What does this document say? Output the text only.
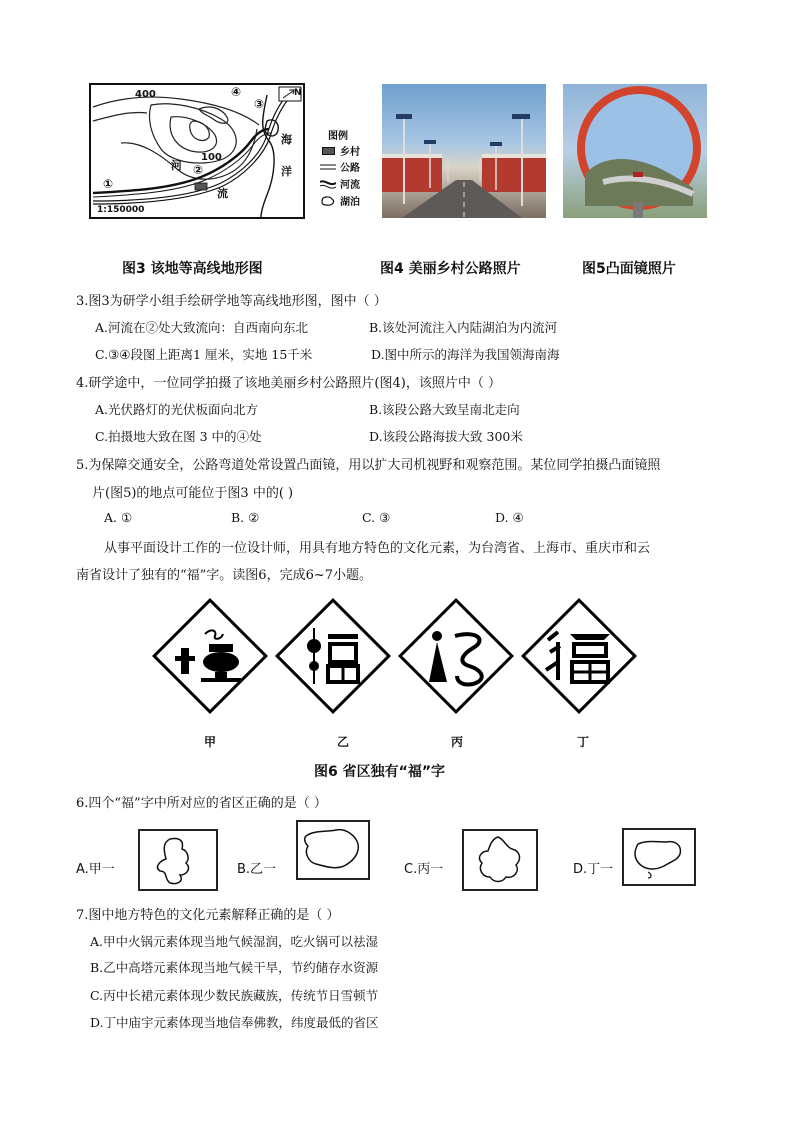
400
100
①
②
③
④	N
河
流
海
洋
1:150000
图例
乡村
公路
河流
湖泊
图3 该地等高线地形图	图4 美丽乡村公路照片	图5凸面镜照片
3.图3为研学小组手绘研学地等高线地形图，图中（ ）
A.河流在②处大致流向：自西南向东北	B.该处河流注入内陆湖泊为内流河
C.③④段图上距离1 厘米，实地 15千米	D.图中所示的海洋为我国领海南海
4.研学途中，一位同学拍摄了该地美丽乡村公路照片(图4)，该照片中（ ）
A.光伏路灯的光伏板面向北方	B.该段公路大致呈南北走向
C.拍摄地大致在图 3 中的④处	D.该段公路海拔大致 300米
5.为保障交通安全，公路弯道处常设置凸面镜，用以扩大司机视野和观察范围。某位同学拍摄凸面镜照
片(图5)的地点可能位于图3 中的( )
A. ①	B. ②	C. ③	D. ④
从事平面设计工作的一位设计师，用具有地方特色的文化元素，为台湾省、上海市、重庆市和云
南省设计了独有的“福”字。读图6，完成6~7小题。
甲	乙	丙	丁
图6 省区独有“福”字
6.四个“福”字中所对应的省区正确的是（ ）
A.甲一	B.乙一	C.丙一	D.丁一
7.图中地方特色的文化元素解释正确的是（ ）
A.甲中火锅元素体现当地气候湿润，吃火锅可以祛湿
B.乙中高塔元素体现当地气候干旱，节约储存水资源
C.丙中长裙元素体现少数民族藏族，传统节日雪顿节
D.丁中庙宇元素体现当地信奉佛教，纬度最低的省区
